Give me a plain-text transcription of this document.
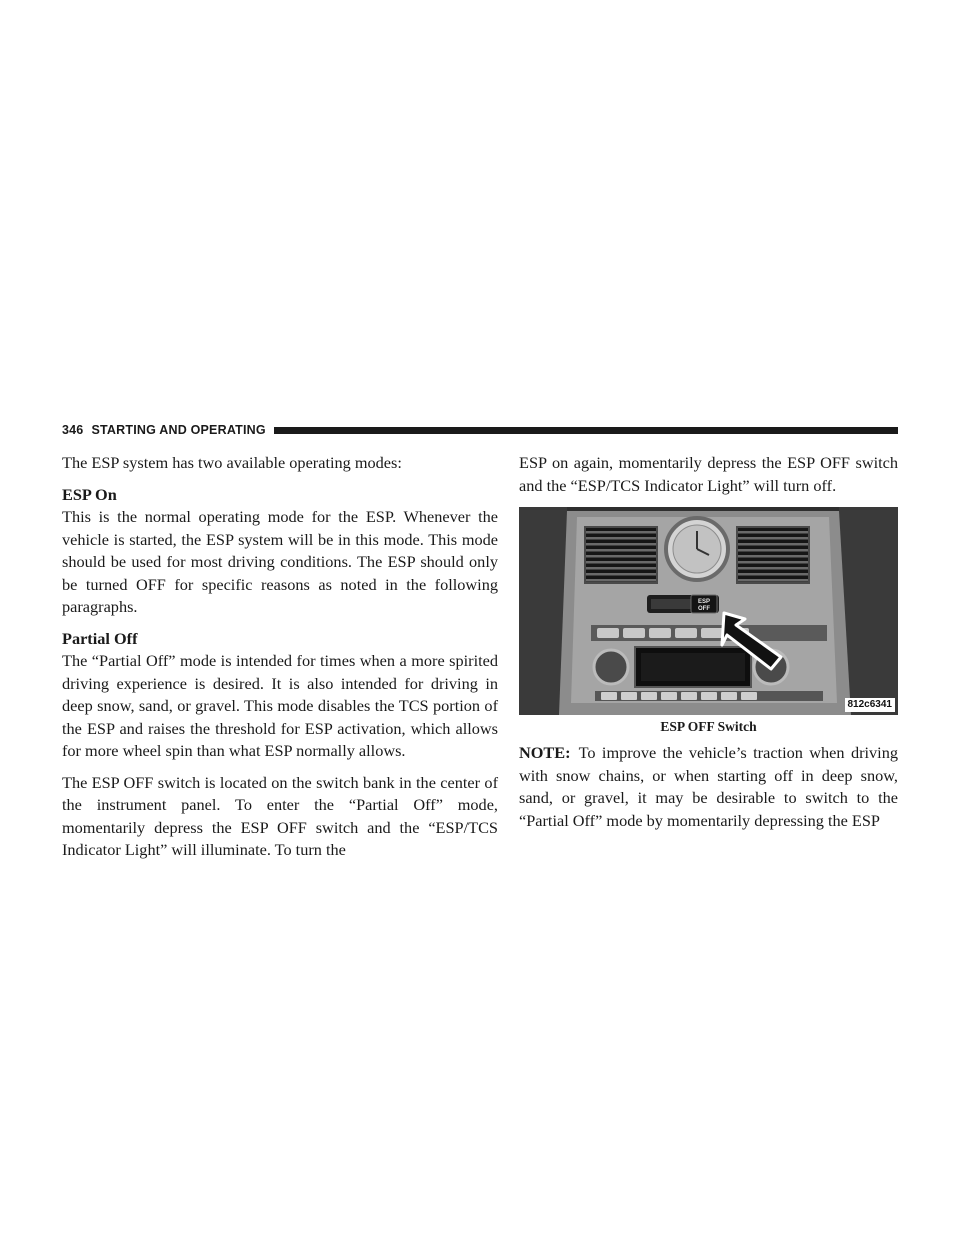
346 STARTING AND OPERATING

The ESP system has two available operating modes:

ESP On

This is the normal operating mode for the ESP. Whenever the vehicle is started, the ESP system will be in this mode. This mode should be used for most driving conditions. The ESP should only be turned OFF for specific reasons as noted in the following paragraphs.

Partial Off

The “Partial Off” mode is intended for times when a more spirited driving experience is desired. It is also intended for driving in deep snow, sand, or gravel. This mode disables the TCS portion of the ESP and raises the threshold for ESP activation, which allows for more wheel spin than what ESP normally allows.

The ESP OFF switch is located on the switch bank in the center of the instrument panel. To enter the “Partial Off” mode, momentarily depress the ESP OFF switch and the “ESP/TCS Indicator Light” will illuminate. To turn the

ESP on again, momentarily depress the ESP OFF switch and the “ESP/TCS Indicator Light” will turn off.

ESP
OFF
812c6341
ESP OFF Switch

NOTE: To improve the vehicle’s traction when driving with snow chains, or when starting off in deep snow, sand, or gravel, it may be desirable to switch to the “Partial Off” mode by momentarily depressing the ESP
